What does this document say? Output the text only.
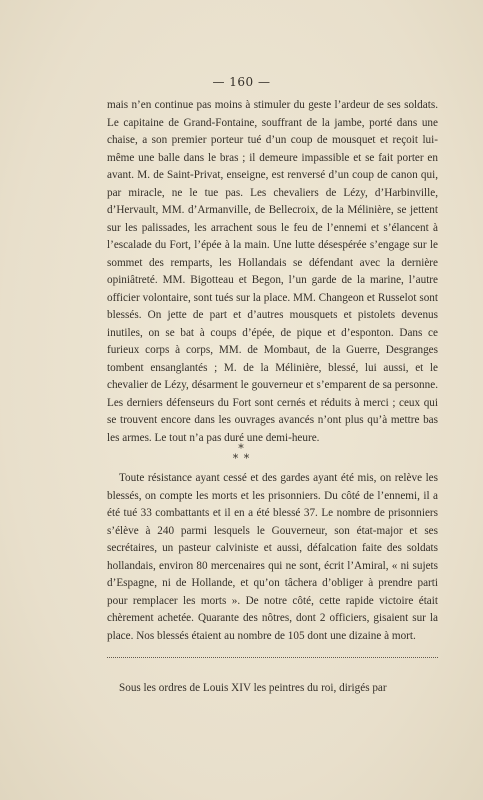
— 160 —
mais n’en continue pas moins à stimuler du geste l’ardeur de ses soldats. Le capitaine de Grand-Fontaine, souffrant de la jambe, porté dans une chaise, a son premier porteur tué d’un coup de mousquet et reçoit lui-même une balle dans le bras ; il demeure impassible et se fait porter en avant. M. de Saint-Privat, enseigne, est renversé d’un coup de canon qui, par miracle, ne le tue pas. Les chevaliers de Lézy, d’Harbinville, d’Hervault, MM. d’Armanville, de Bellecroix, de la Mélinière, se jettent sur les palissades, les arrachent sous le feu de l’ennemi et s’élancent à l’escalade du Fort, l’épée à la main. Une lutte désespérée s’engage sur le sommet des remparts, les Hollandais se défendant avec la dernière opiniâtreté. MM. Bigotteau et Begon, l’un garde de la marine, l’autre officier volontaire, sont tués sur la place. MM. Changeon et Russelot sont blessés. On jette de part et d’autres mousquets et pistolets devenus inutiles, on se bat à coups d’épée, de pique et d’esponton. Dans ce furieux corps à corps, MM. de Mombaut, de la Guerre, Desgranges tombent ensanglantés ; M. de la Mélinière, blessé, lui aussi, et le chevalier de Lézy, désarment le gouverneur et s’emparent de sa personne. Les derniers défenseurs du Fort sont cernés et réduits à merci ; ceux qui se trouvent encore dans les ouvrages avancés n’ont plus qu’à mettre bas les armes. Le tout n’a pas duré une demi-heure.
*
* *
Toute résistance ayant cessé et des gardes ayant été mis, on relève les blessés, on compte les morts et les prisonniers. Du côté de l’ennemi, il a été tué 33 combattants et il en a été blessé 37. Le nombre de prisonniers s’élève à 240 parmi lesquels le Gouverneur, son état-major et ses secrétaires, un pasteur calviniste et aussi, défalcation faite des soldats hollandais, environ 80 mercenaires qui ne sont, écrit l’Amiral, « ni sujets d’Espagne, ni de Hollande, et qu’on tâchera d’obliger à prendre parti pour remplacer les morts ». De notre côté, cette rapide victoire était chèrement achetée. Quarante des nôtres, dont 2 officiers, gisaient sur la place. Nos blessés étaient au nombre de 105 dont une dizaine à mort.
Sous les ordres de Louis XIV les peintres du roi, dirigés par
